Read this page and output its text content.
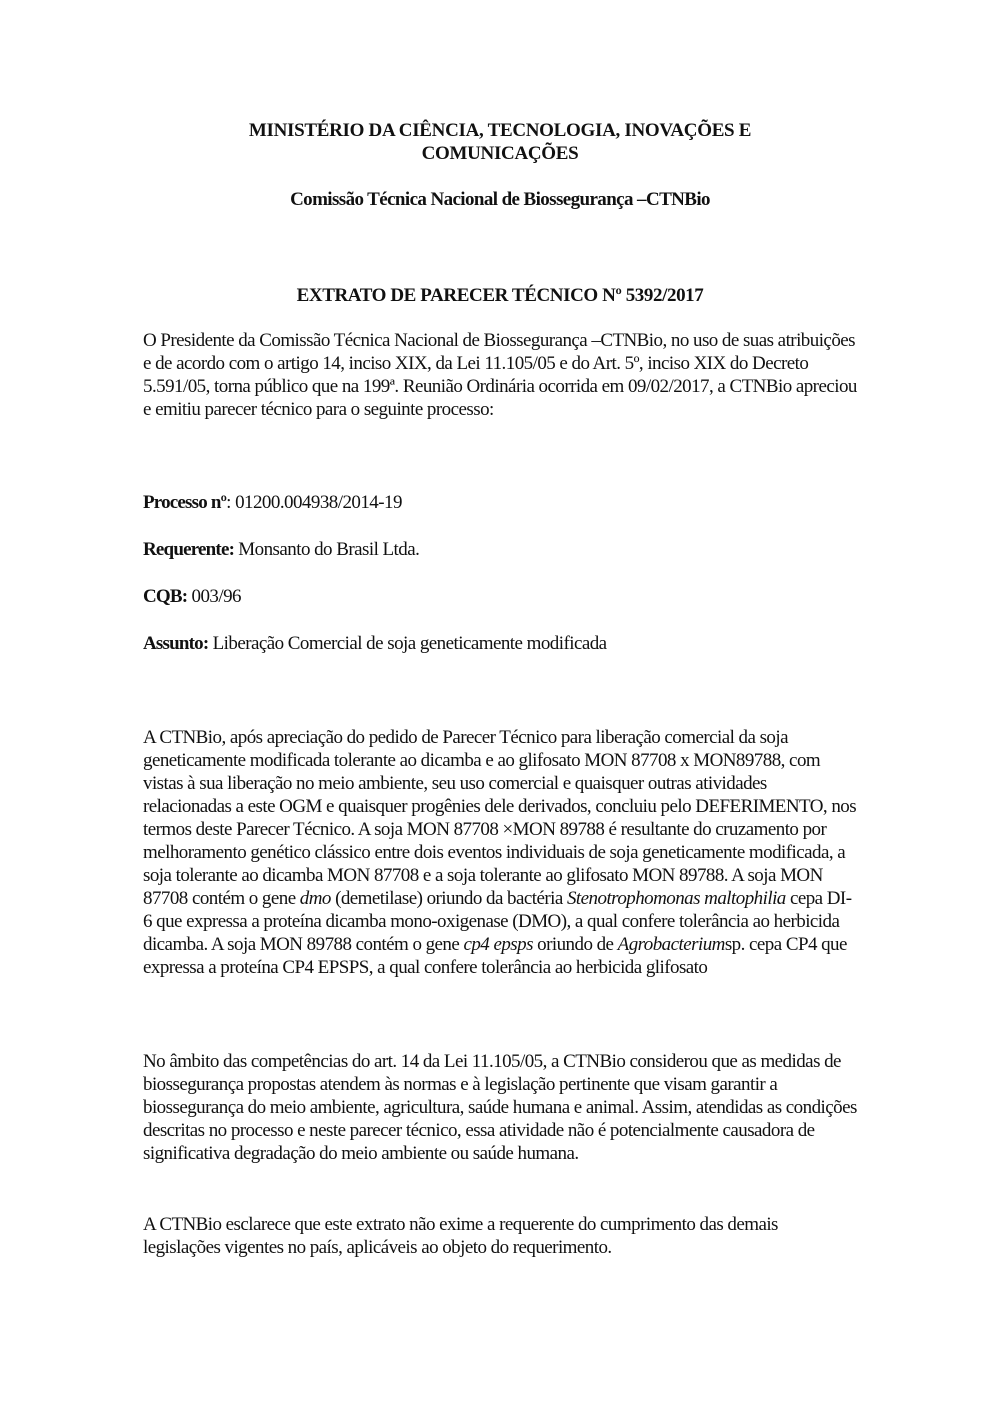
MINISTÉRIO DA CIÊNCIA, TECNOLOGIA, INOVAÇÕES E
COMUNICAÇÕES
Comissão Técnica Nacional de Biossegurança –CTNBio
EXTRATO DE PARECER TÉCNICO Nº 5392/2017

O Presidente da Comissão Técnica Nacional de Biossegurança –CTNBio, no uso de suas atribuições e de acordo com o artigo 14, inciso XIX, da Lei 11.105/05 e do Art. 5º, inciso XIX do Decreto 5.591/05, torna público que na 199ª. Reunião Ordinária ocorrida em 09/02/2017, a CTNBio apreciou e emitiu parecer técnico para o seguinte processo:

Processo nº: 01200.004938/2014-19
Requerente: Monsanto do Brasil Ltda.
CQB: 003/96
Assunto: Liberação Comercial de soja geneticamente modificada

A CTNBio, após apreciação do pedido de Parecer Técnico para liberação comercial da soja geneticamente modificada tolerante ao dicamba e ao glifosato MON 87708 x MON89788, com vistas à sua liberação no meio ambiente, seu uso comercial e quaisquer outras atividades relacionadas a este OGM e quaisquer progênies dele derivados, concluiu pelo DEFERIMENTO, nos termos deste Parecer Técnico. A soja MON 87708 ×MON 89788 é resultante do cruzamento por melhoramento genético clássico entre dois eventos individuais de soja geneticamente modificada, a soja tolerante ao dicamba MON 87708 e a soja tolerante ao glifosato MON 89788. A soja MON 87708 contém o gene dmo (demetilase) oriundo da bactéria Stenotrophomonas maltophilia cepa DI-6 que expressa a proteína dicamba mono-oxigenase (DMO), a qual confere tolerância ao herbicida dicamba. A soja MON 89788 contém o gene cp4 epsps oriundo de Agrobacteriumsp. cepa CP4 que expressa a proteína CP4 EPSPS, a qual confere tolerância ao herbicida glifosato

No âmbito das competências do art. 14 da Lei 11.105/05, a CTNBio considerou que as medidas de biossegurança propostas atendem às normas e à legislação pertinente que visam garantir a biossegurança do meio ambiente, agricultura, saúde humana e animal. Assim, atendidas as condições descritas no processo e neste parecer técnico, essa atividade não é potencialmente causadora de significativa degradação do meio ambiente ou saúde humana.

A CTNBio esclarece que este extrato não exime a requerente do cumprimento das demais legislações vigentes no país, aplicáveis ao objeto do requerimento.
